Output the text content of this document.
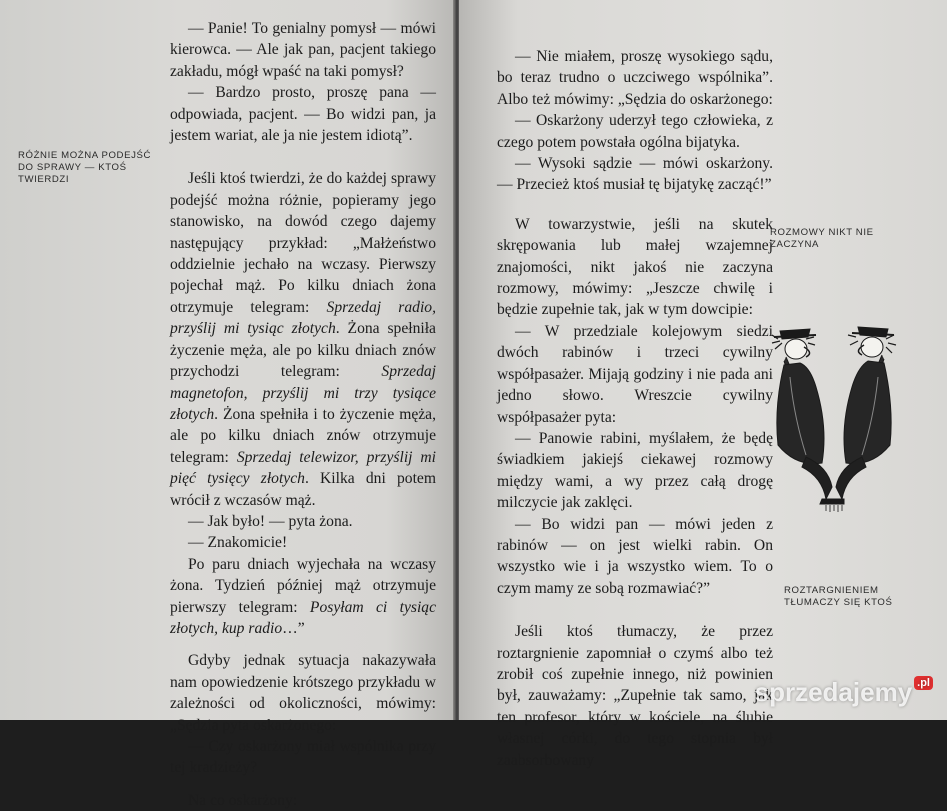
RÓŻNIE MOŻNA PODEJŚĆ DO SPRAWY — KTOŚ TWIERDZI

— Panie! To genialny pomysł — mówi kierowca. — Ale jak pan, pacjent takiego zakładu, mógł wpaść na taki pomysł?

— Bardzo prosto, proszę pana — odpowiada, pacjent. — Bo widzi pan, ja jestem wariat, ale ja nie jestem idiotą”.

Jeśli ktoś twierdzi, że do każdej sprawy podejść można różnie, popieramy jego stanowisko, na dowód czego dajemy następujący przykład: „Małżeństwo oddzielnie jechało na wczasy. Pierwszy pojechał mąż. Po kilku dniach żona otrzymuje telegram: Sprzedaj radio, przyślij mi tysiąc złotych. Żona spełniła życzenie męża, ale po kilku dniach znów przychodzi telegram: Sprzedaj magnetofon, przyślij mi trzy tysiące złotych. Żona spełniła i to życzenie męża, ale po kilku dniach znów otrzymuje telegram: Sprzedaj telewizor, przyślij mi pięć tysięcy złotych. Kilka dni potem wrócił z wczasów mąż.

— Jak było! — pyta żona.

— Znakomicie!

Po paru dniach wyjechała na wczasy żona. Tydzień później mąż otrzymuje pierwszy telegram: Posyłam ci tysiąc złotych, kup radio…”

Gdyby jednak sytuacja nakazywała nam opowiedzenie krótszego przykładu w zależności od okoliczności, mówimy: „Sędzia pyta oskarżonego:

— Czy oskarżony miał wspólnika przy tej kradzieży?

Na co oskarżony:

— Nie miałem, proszę wysokiego sądu, bo teraz trudno o uczciwego wspólnika”. Albo też mówimy: „Sędzia do oskarżonego:

— Oskarżony uderzył tego człowieka, z czego potem powstała ogólna bijatyka.

— Wysoki sądzie — mówi oskarżony. — Przecież ktoś musiał tę bijatykę zacząć!”

W towarzystwie, jeśli na skutek skrępowania lub małej wzajemnej znajomości, nikt jakoś nie zaczyna rozmowy, mówimy: „Jeszcze chwilę i będzie zupełnie tak, jak w tym dowcipie:

— W przedziale kolejowym siedzi dwóch rabinów i trzeci cywilny współpasażer. Mijają godziny i nie pada ani jedno słowo. Wreszcie cywilny współpasażer pyta:

— Panowie rabini, myślałem, że będę świadkiem jakiejś ciekawej rozmowy między wami, a wy przez całą drogę milczycie jak zaklęci.

— Bo widzi pan — mówi jeden z rabinów — on jest wielki rabin. On wszystko wie i ja wszystko wiem. To o czym mamy ze sobą rozmawiać?”

Jeśli ktoś tłumaczy, że przez roztargnienie zapomniał o czymś albo też zrobił coś zupełnie innego, niż powinien był, zauważamy: „Zupełnie tak samo, jak ten profesor, który w kościele, na ślubie własnej córki, do tego stopnia był zaabsorbowany

ROZMOWY NIKT NIE ZACZYNA
ROZTARGNIENIEM TŁUMACZY SIĘ KTOŚ
sprzedajemy $^{.pl}$
